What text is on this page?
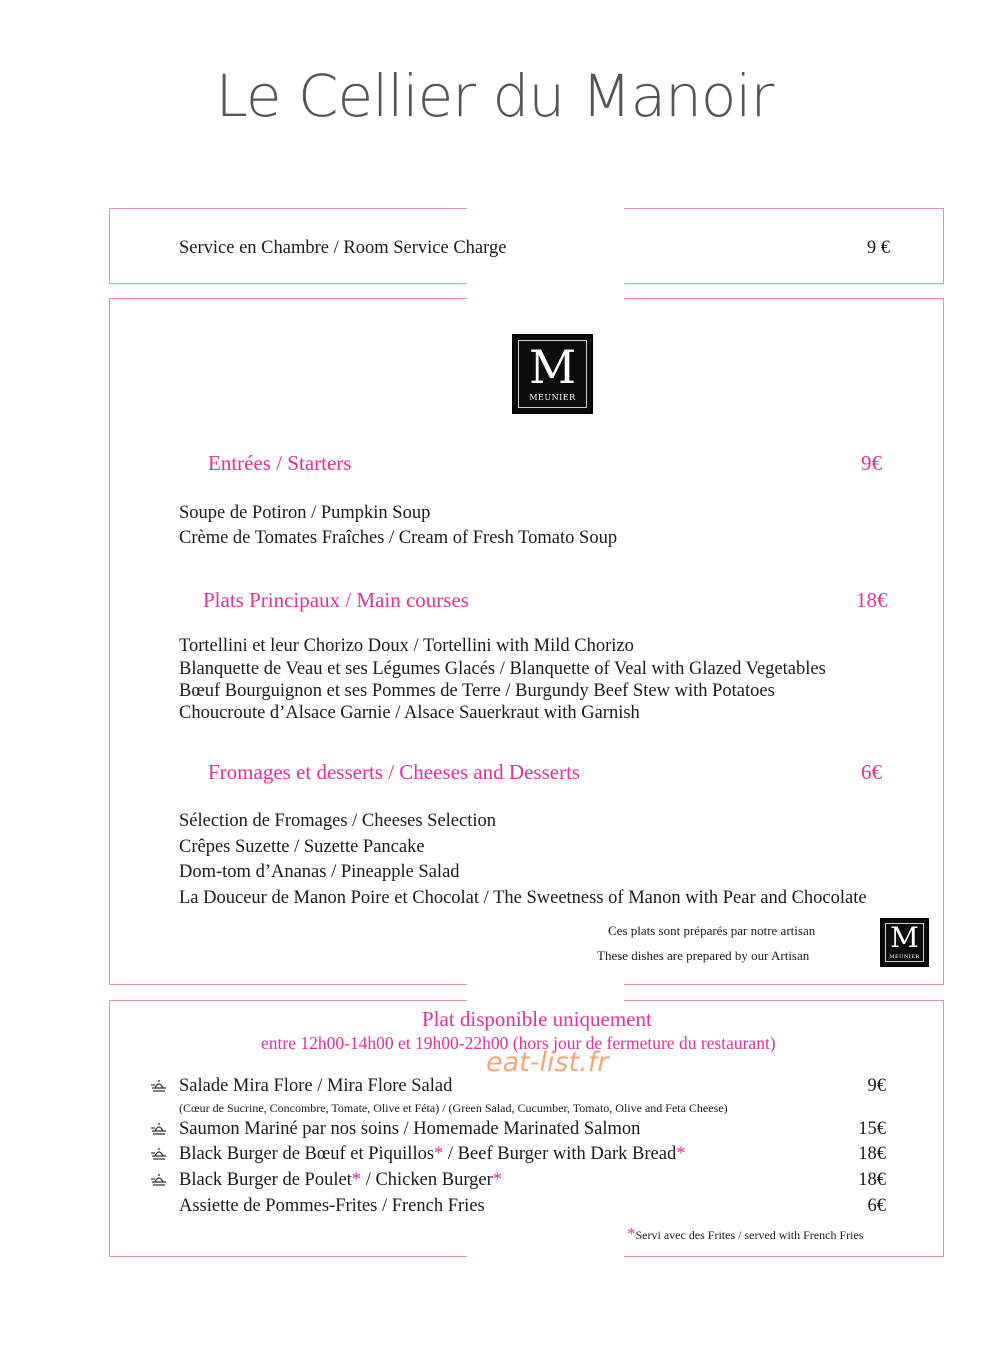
Le Cellier du Manoir
Service en Chambre / Room Service Charge	9 €
M
MEUNIER
Entrées / Starters	9€
Soupe de Potiron / Pumpkin Soup
Crème de Tomates Fraîches / Cream of Fresh Tomato Soup
Plats Principaux / Main courses	18€
Tortellini et leur Chorizo Doux / Tortellini with Mild Chorizo
Blanquette de Veau et ses Légumes Glacés / Blanquette of Veal with Glazed Vegetables
Bœuf Bourguignon et ses Pommes de Terre / Burgundy Beef Stew with Potatoes
Choucroute d’Alsace Garnie / Alsace Sauerkraut with Garnish
Fromages et desserts / Cheeses and Desserts	6€
Sélection de Fromages / Cheeses Selection
Crêpes Suzette / Suzette Pancake
Dom-tom d’Ananas / Pineapple Salad
La Douceur de Manon Poire et Chocolat / The Sweetness of Manon with Pear and Chocolate
Ces plats sont préparés par notre artisan
These dishes are prepared by our Artisan
M
MEUNIER
Plat disponible uniquement
entre 12h00-14h00 et 19h00-22h00 (hors jour de fermeture du restaurant)
eat-list.fr
Salade Mira Flore / Mira Flore Salad	9€
(Cœur de Sucrine, Concombre, Tomate, Olive et Féta) / (Green Salad, Cucumber, Tomato, Olive and Feta Cheese)
Saumon Mariné par nos soins / Homemade Marinated Salmon	15€
Black Burger de Bœuf et Piquillos* / Beef Burger with Dark Bread*	18€
Black Burger de Poulet* / Chicken Burger*	18€
Assiette de Pommes-Frites / French Fries	6€
*Servi avec des Frites / served with French Fries
